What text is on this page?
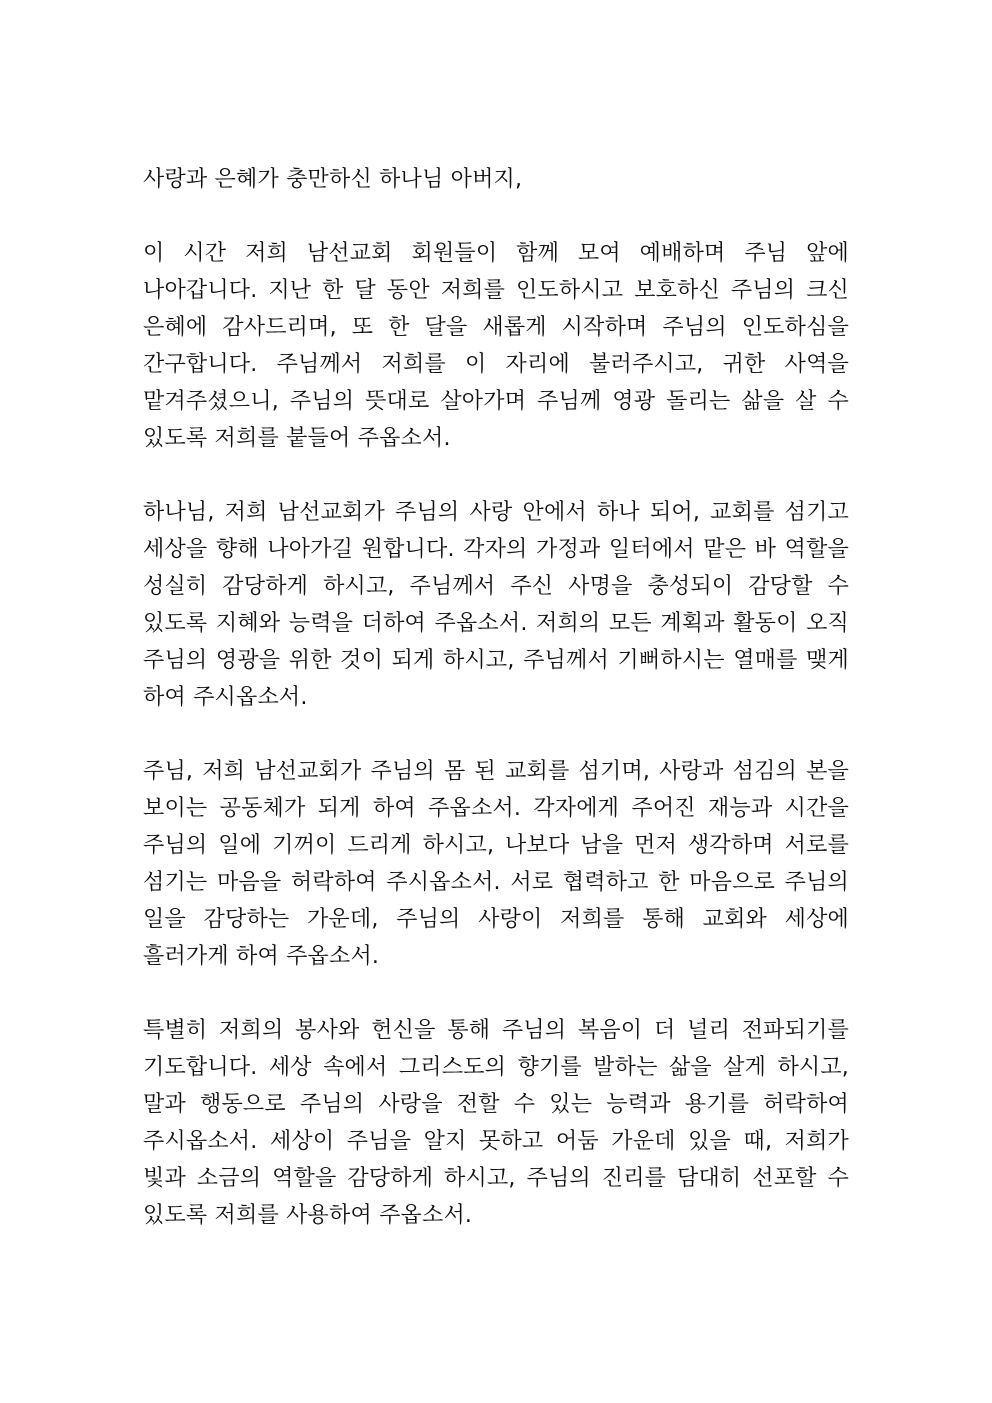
사랑과 은혜가 충만하신 하나님 아버지,

이 시간 저희 남선교회 회원들이 함께 모여 예배하며 주님 앞에 나아갑니다. 지난 한 달 동안 저희를 인도하시고 보호하신 주님의 크신 은혜에 감사드리며, 또 한 달을 새롭게 시작하며 주님의 인도하심을 간구합니다. 주님께서 저희를 이 자리에 불러주시고, 귀한 사역을 맡겨주셨으니, 주님의 뜻대로 살아가며 주님께 영광 돌리는 삶을 살 수 있도록 저희를 붙들어 주옵소서.

하나님, 저희 남선교회가 주님의 사랑 안에서 하나 되어, 교회를 섬기고 세상을 향해 나아가길 원합니다. 각자의 가정과 일터에서 맡은 바 역할을 성실히 감당하게 하시고, 주님께서 주신 사명을 충성되이 감당할 수 있도록 지혜와 능력을 더하여 주옵소서. 저희의 모든 계획과 활동이 오직 주님의 영광을 위한 것이 되게 하시고, 주님께서 기뻐하시는 열매를 맺게 하여 주시옵소서.

주님, 저희 남선교회가 주님의 몸 된 교회를 섬기며, 사랑과 섬김의 본을 보이는 공동체가 되게 하여 주옵소서. 각자에게 주어진 재능과 시간을 주님의 일에 기꺼이 드리게 하시고, 나보다 남을 먼저 생각하며 서로를 섬기는 마음을 허락하여 주시옵소서. 서로 협력하고 한 마음으로 주님의 일을 감당하는 가운데, 주님의 사랑이 저희를 통해 교회와 세상에 흘러가게 하여 주옵소서.

특별히 저희의 봉사와 헌신을 통해 주님의 복음이 더 널리 전파되기를 기도합니다. 세상 속에서 그리스도의 향기를 발하는 삶을 살게 하시고, 말과 행동으로 주님의 사랑을 전할 수 있는 능력과 용기를 허락하여 주시옵소서. 세상이 주님을 알지 못하고 어둠 가운데 있을 때, 저희가 빛과 소금의 역할을 감당하게 하시고, 주님의 진리를 담대히 선포할 수 있도록 저희를 사용하여 주옵소서.
